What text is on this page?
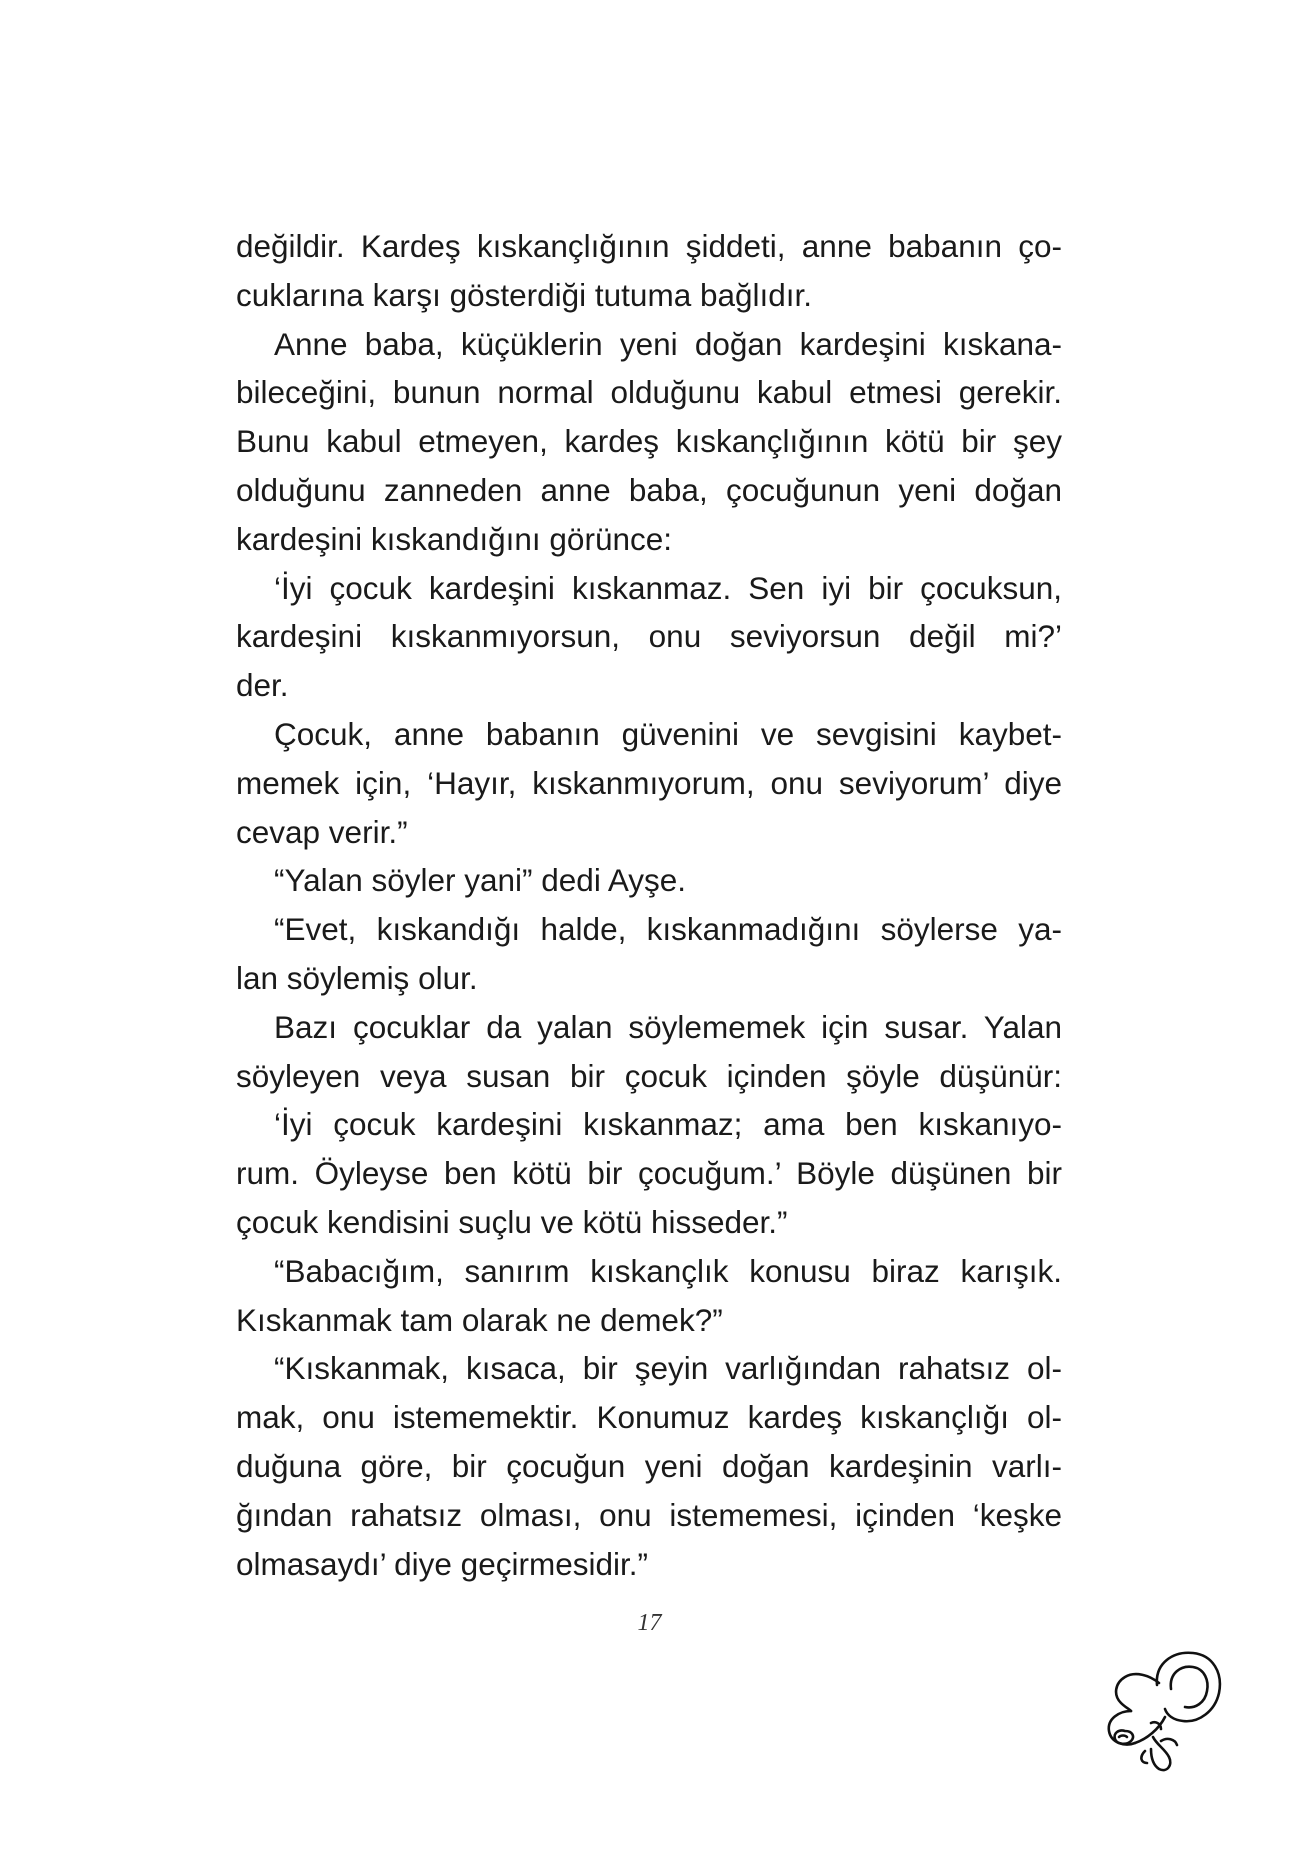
değildir. Kardeş kıskançlığının şiddeti, anne babanın ço-
cuklarına karşı gösterdiği tutuma bağlıdır.
Anne baba, küçüklerin yeni doğan kardeşini kıskana-
bileceğini, bunun normal olduğunu kabul etmesi gerekir.
Bunu kabul etmeyen, kardeş kıskançlığının kötü bir şey
olduğunu zanneden anne baba, çocuğunun yeni doğan
kardeşini kıskandığını görünce:
‘İyi çocuk kardeşini kıskanmaz. Sen iyi bir çocuksun,
kardeşini kıskanmıyorsun, onu seviyorsun değil mi?’
der.
Çocuk, anne babanın güvenini ve sevgisini kaybet-
memek için, ‘Hayır, kıskanmıyorum, onu seviyorum’ diye
cevap verir.”
“Yalan söyler yani” dedi Ayşe.
“Evet, kıskandığı halde, kıskanmadığını söylerse ya-
lan söylemiş olur.
Bazı çocuklar da yalan söylememek için susar. Yalan
söyleyen veya susan bir çocuk içinden şöyle düşünür:
‘İyi çocuk kardeşini kıskanmaz; ama ben kıskanıyo-
rum. Öyleyse ben kötü bir çocuğum.’ Böyle düşünen bir
çocuk kendisini suçlu ve kötü hisseder.”
“Babacığım, sanırım kıskançlık konusu biraz karışık.
Kıskanmak tam olarak ne demek?”
“Kıskanmak, kısaca, bir şeyin varlığından rahatsız ol-
mak, onu istememektir. Konumuz kardeş kıskançlığı ol-
duğuna göre, bir çocuğun yeni doğan kardeşinin varlı-
ğından rahatsız olması, onu istememesi, içinden ‘keşke
olmasaydı’ diye geçirmesidir.”
17
